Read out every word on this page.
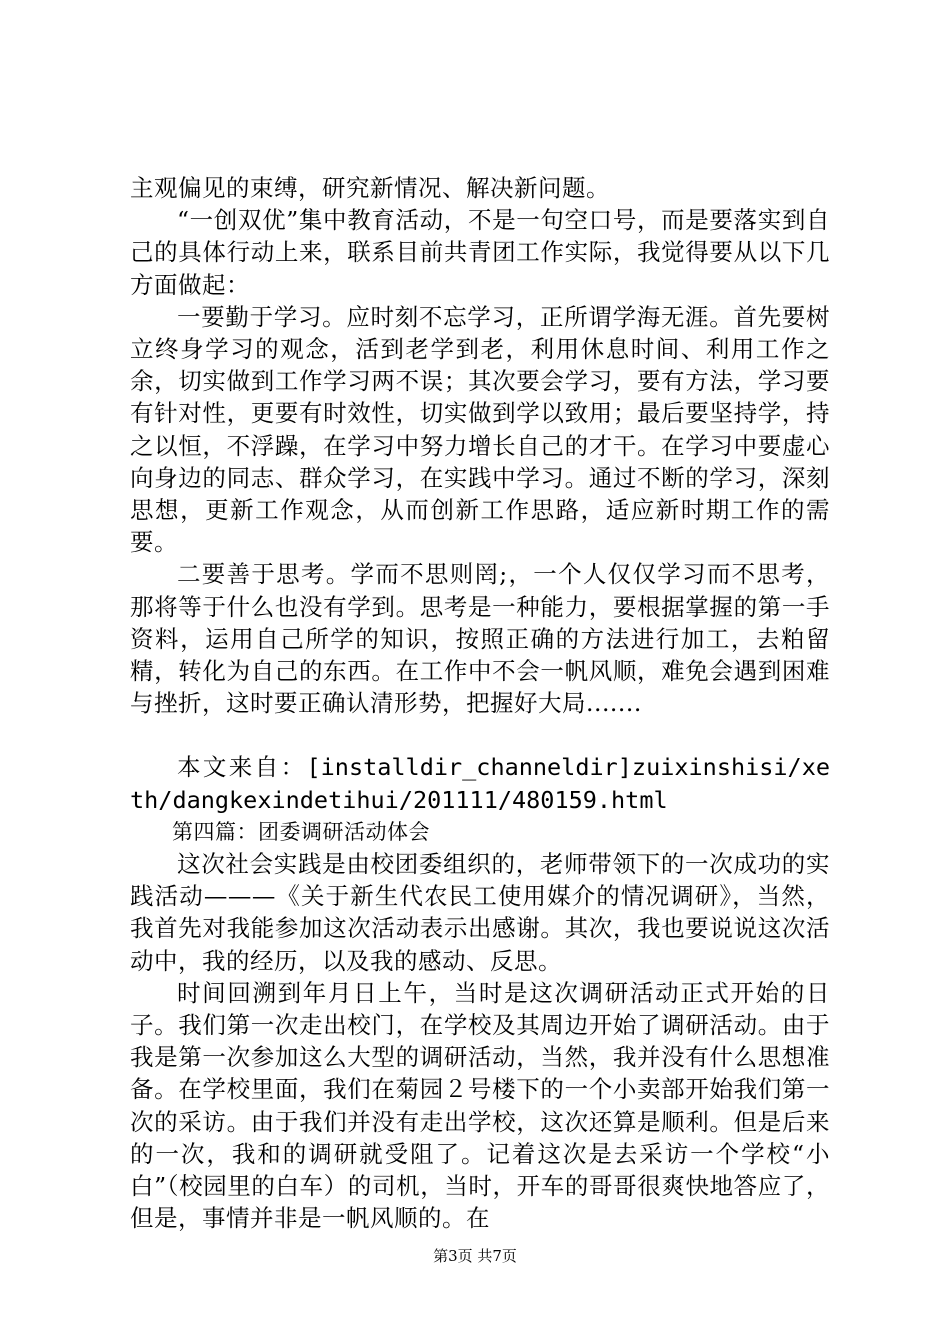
主观偏见的束缚，研究新情况、解决新问题。

“一创双优”集中教育活动，不是一句空口号，而是要落实到自己的具体行动上来，联系目前共青团工作实际，我觉得要从以下几方面做起：

一要勤于学习。应时刻不忘学习，正所谓学海无涯。首先要树立终身学习的观念，活到老学到老，利用休息时间、利用工作之余，切实做到工作学习两不误；其次要会学习，要有方法，学习要有针对性，更要有时效性，切实做到学以致用；最后要坚持学，持之以恒，不浮躁，在学习中努力增长自己的才干。在学习中要虚心向身边的同志、群众学习，在实践中学习。通过不断的学习，深刻思想，更新工作观念，从而创新工作思路，适应新时期工作的需要。

二要善于思考。学而不思则罔;，一个人仅仅学习而不思考，那将等于什么也没有学到。思考是一种能力，要根据掌握的第一手资料，运用自己所学的知识，按照正确的方法进行加工，去粕留精，转化为自己的东西。在工作中不会一帆风顺，难免会遇到困难与挫折，这时要正确认清形势，把握好大局.......

本文来自：[installdir_channeldir]zuixinshisi/xeth/dangkexindetihui/201111/480159.html

第四篇：团委调研活动体会

这次社会实践是由校团委组织的，老师带领下的一次成功的实践活动———《关于新生代农民工使用媒介的情况调研》，当然，我首先对我能参加这次活动表示出感谢。其次，我也要说说这次活动中，我的经历，以及我的感动、反思。

时间回溯到年月日上午，当时是这次调研活动正式开始的日子。我们第一次走出校门，在学校及其周边开始了调研活动。由于我是第一次参加这么大型的调研活动，当然，我并没有什么思想准备。在学校里面，我们在菊园２号楼下的一个小卖部开始我们第一次的采访。由于我们并没有走出学校，这次还算是顺利。但是后来的一次，我和的调研就受阻了。记着这次是去采访一个学校“小白”（校园里的白车）的司机，当时，开车的哥哥很爽快地答应了，但是，事情并非是一帆风顺的。在

第3页 共7页
